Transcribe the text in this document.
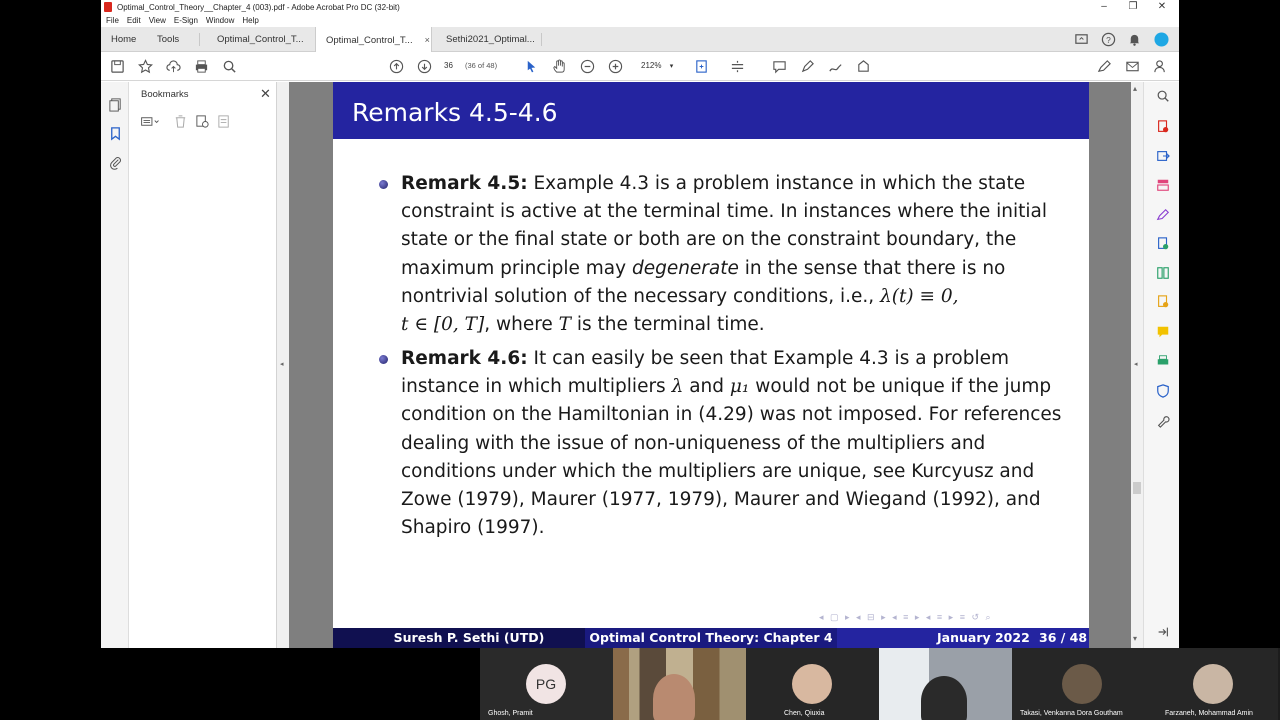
Optimal_Control_Theory__Chapter_4 (003).pdf - Adobe Acrobat Pro DC (32-bit)	–	❐ ✕
File Edit View E-Sign Window Help
Home Tools	Optimal_Control_T... Optimal_Control_T... × Sethi2021_Optimal...	?
36 (36 of 48)	212% ▾
Bookmarks	✕
◂
Remarks 4.5-4.6
Remark 4.5: Example 4.3 is a problem instance in which the state constraint is active at the terminal time. In instances where the initial state or the final state or both are on the constraint boundary, the maximum principle may degenerate in the sense that there is no nontrivial solution of the necessary conditions, i.e., λ(t) ≡ 0,
t ∈ [0, T], where T is the terminal time.
Remark 4.6: It can easily be seen that Example 4.3 is a problem instance in which multipliers λ and μ₁ would not be unique if the jump condition on the Hamiltonian in (4.29) was not imposed. For references dealing with the issue of non-uniqueness of the multipliers and conditions under which the multipliers are unique, see Kurcyusz and Zowe (1979), Maurer (1977, 1979), Maurer and Wiegand (1992), and Shapiro (1997).
◂ ▢ ▸ ◂ ⊟ ▸ ◂ ≡ ▸ ◂ ≡ ▸ ≡ ↺ ⌕
Suresh P. Sethi (UTD)	Optimal Control Theory: Chapter 4	January 2022 36 / 48
▴
◂
▾
PG
Ghosh, Pramit	Chen, Qiuxia	Takasi, Venkanna Dora Goutham	Farzaneh, Mohammad Amin
